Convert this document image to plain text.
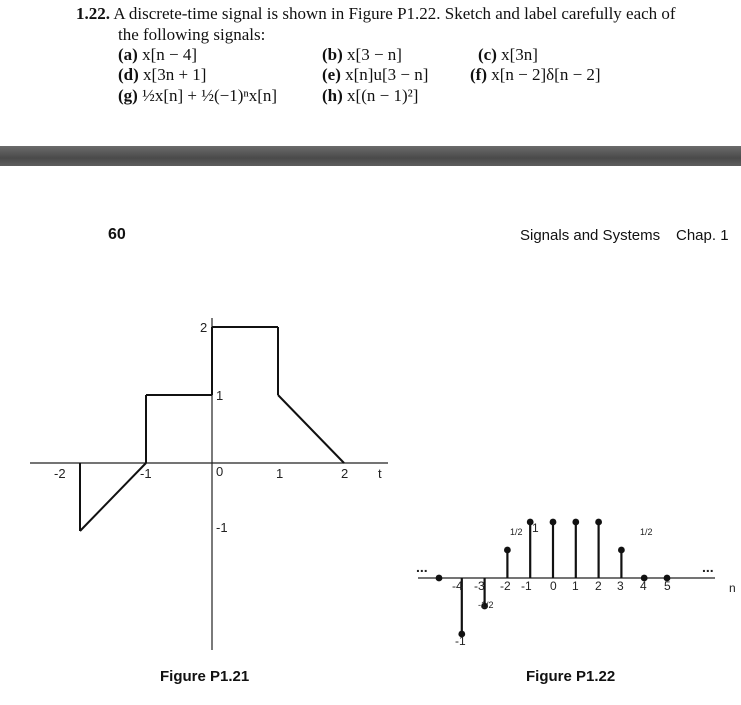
1.22. A discrete-time signal is shown in Figure P1.22. Sketch and label carefully each of
the following signals:
(a) x[n − 4]	(b) x[3 − n]	(c) x[3n]
(d) x[3n + 1]	(e) x[n]u[3 − n] (f) x[n − 2]δ[n − 2]
(g) ½x[n] + ½(−1)ⁿx[n]	(h) x[(n − 1)²]
60	Signals and Systems Chap. 1
-2	-1	0	1	2 t
2
1
-1
...	...
n
-4 -3 -2 -1 0 1 2 3 4 5
1/2 1	1/2
-1/2
-1
Figure P1.21	Figure P1.22
